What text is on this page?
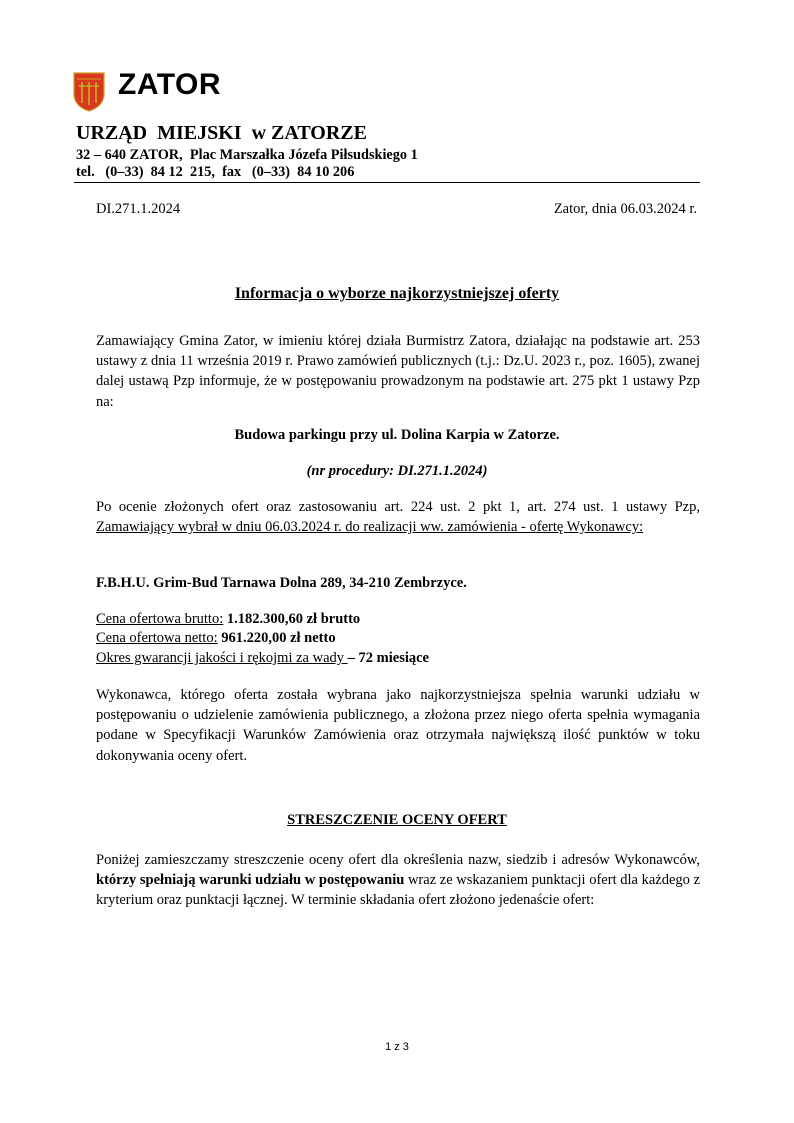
ZATOR
URZĄD  MIEJSKI  w ZATORZE
32 – 640 ZATOR,  Plac Marszałka Józefa Piłsudskiego 1
tel.   (0–33)  84 12  215,  fax   (0–33)  84 10 206
DI.271.1.2024	Zator, dnia 06.03.2024 r.
Informacja o wyborze najkorzystniejszej oferty
Zamawiający Gmina Zator, w imieniu której działa Burmistrz Zatora, działając na podstawie art. 253 ustawy z dnia 11 września 2019 r. Prawo zamówień publicznych (t.j.: Dz.U. 2023 r., poz. 1605), zwanej dalej ustawą Pzp informuje, że w postępowaniu prowadzonym na podstawie art. 275 pkt 1 ustawy Pzp na:
Budowa parkingu przy ul. Dolina Karpia w Zatorze.
(nr procedury: DI.271.1.2024)
Po ocenie złożonych ofert oraz zastosowaniu art. 224 ust. 2 pkt 1, art. 274 ust. 1 ustawy Pzp, Zamawiający wybrał w dniu 06.03.2024 r. do realizacji ww. zamówienia - ofertę Wykonawcy:
F.B.H.U. Grim-Bud Tarnawa Dolna 289, 34-210 Zembrzyce.
Cena ofertowa brutto: 1.182.300,60 zł brutto
Cena ofertowa netto: 961.220,00 zł netto
Okres gwarancji jakości i rękojmi za wady – 72 miesiące
Wykonawca, którego oferta została wybrana jako najkorzystniejsza spełnia warunki udziału w postępowaniu o udzielenie zamówienia publicznego, a złożona przez niego oferta spełnia wymagania podane w Specyfikacji Warunków Zamówienia oraz otrzymała największą ilość punktów w toku dokonywania oceny ofert.
STRESZCZENIE OCENY OFERT
Poniżej zamieszczamy streszczenie oceny ofert dla określenia nazw, siedzib i adresów Wykonawców, którzy spełniają warunki udziału w postępowaniu wraz ze wskazaniem punktacji ofert dla każdego z kryterium oraz punktacji łącznej. W terminie składania ofert złożono jedenaście ofert:
1 z 3
